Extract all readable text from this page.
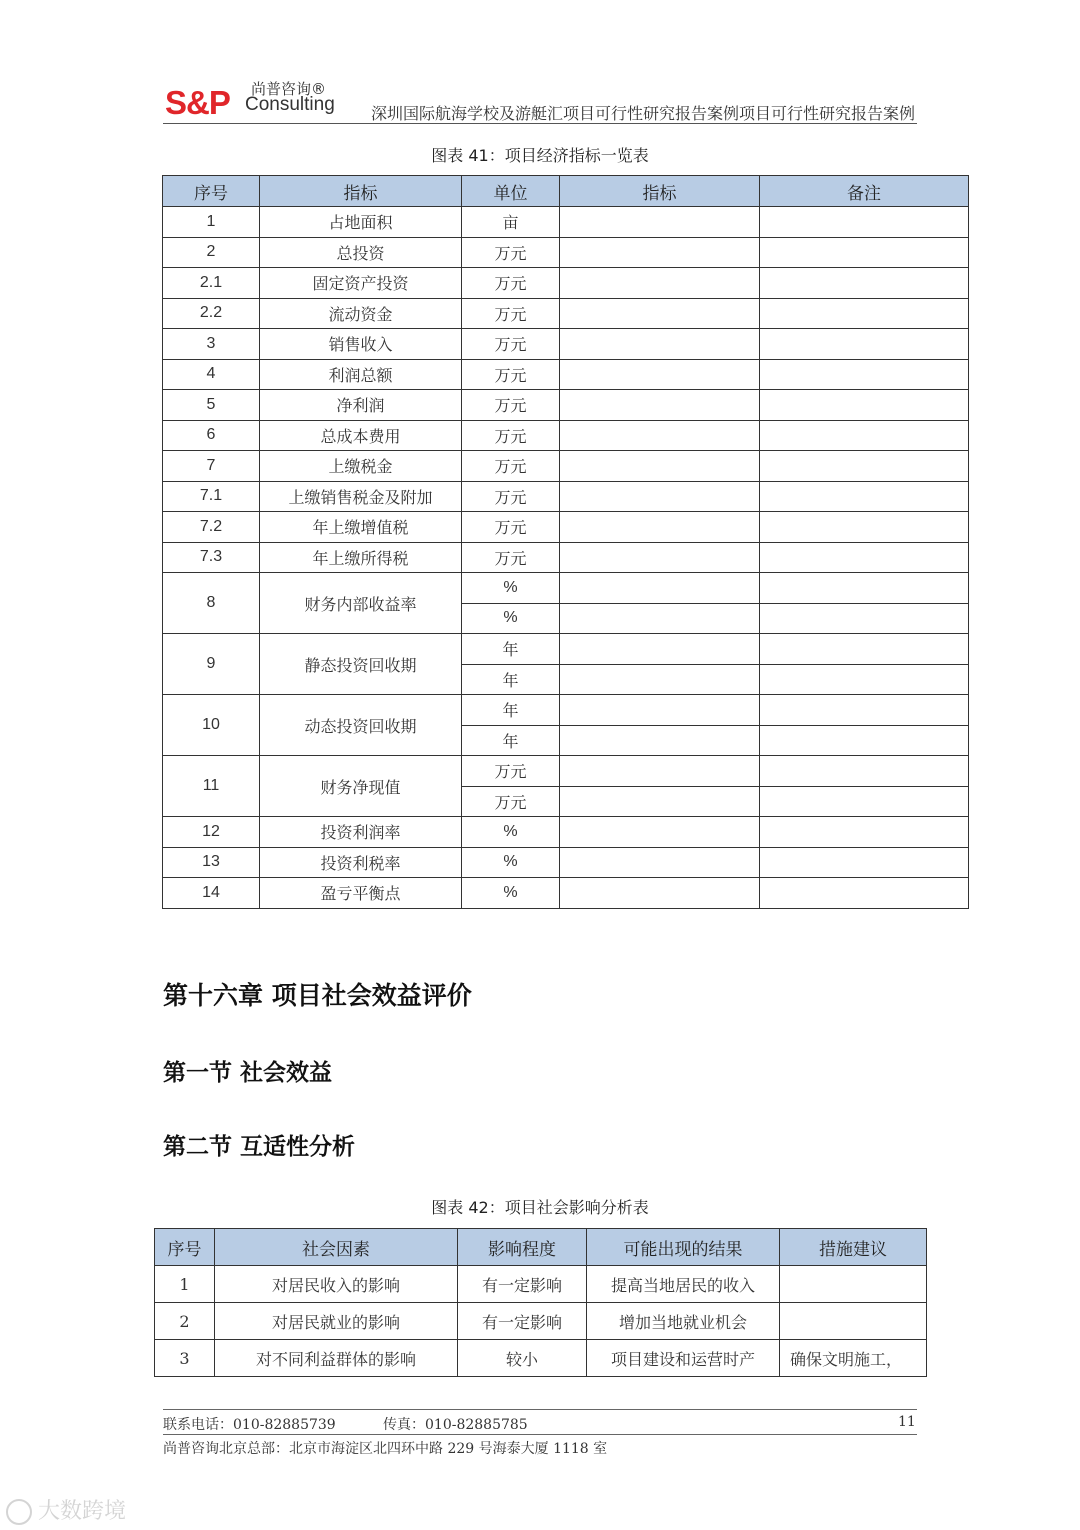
S&P 尚普咨询®
Consulting 深圳国际航海学校及游艇汇项目可行性研究报告案例项目可行性研究报告案例
图表 41：项目经济指标一览表
序号	指标	单位	指标	备注
1	占地面积	亩		
2	总投资	万元		
2.1	固定资产投资	万元		
2.2	流动资金	万元		
3	销售收入	万元		
4	利润总额	万元		
5	净利润	万元		
6	总成本费用	万元		
7	上缴税金	万元		
7.1	上缴销售税金及附加	万元		
7.2	年上缴增值税	万元		
7.3	年上缴所得税	万元		
8	财务内部收益率	%		
		%		
9	静态投资回收期	年		
		年		
10	动态投资回收期	年		
		年		
11	财务净现值	万元		
		万元		
12	投资利润率	%		
13	投资利税率	%		
14	盈亏平衡点	%		
第十六章 项目社会效益评价
第一节 社会效益
第二节 互适性分析
图表 42：项目社会影响分析表
序号	社会因素	影响程度	可能出现的结果	措施建议
1	对居民收入的影响	有一定影响	提高当地居民的收入	
2	对居民就业的影响	有一定影响	增加当地就业机会	
3	对不同利益群体的影响	较小	项目建设和运营时产	确保文明施工，
联系电话：010-82885739	传真：010-82885785	11
尚普咨询北京总部：北京市海淀区北四环中路 229 号海泰大厦 1118 室
大数跨境
